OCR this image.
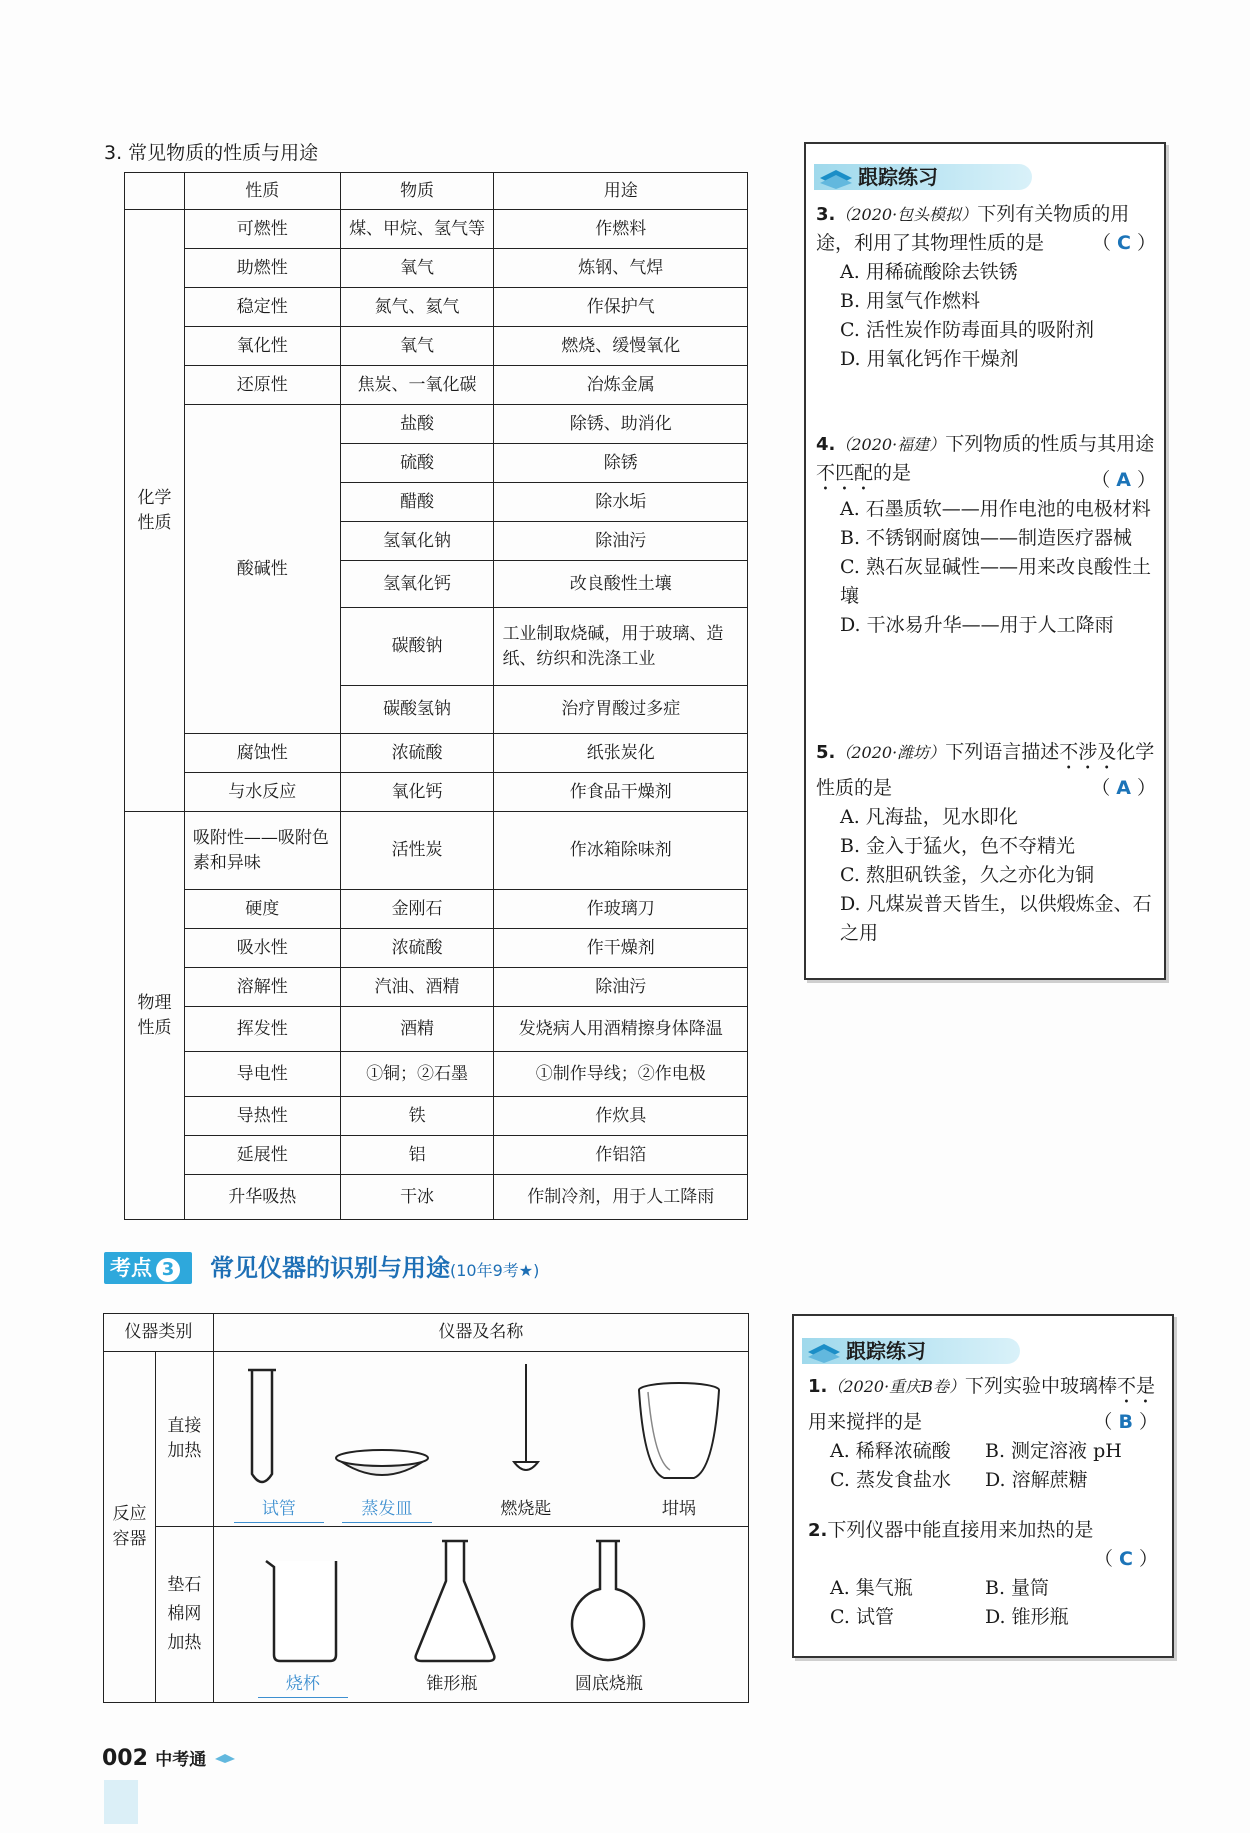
3. 常见物质的性质与用途
	性质	物质	用途
化学性质	可燃性	煤、甲烷、氢气等	作燃料
	助燃性	氧气	炼钢、气焊
	稳定性	氮气、氦气	作保护气
	氧化性	氧气	燃烧、缓慢氧化
	还原性	焦炭、一氧化碳	冶炼金属
	酸碱性	盐酸	除锈、助消化
		硫酸	除锈
		醋酸	除水垢
		氢氧化钠	除油污
		氢氧化钙	改良酸性土壤
		碳酸钠	工业制取烧碱，用于玻璃、造纸、纺织和洗涤工业
		碳酸氢钠	治疗胃酸过多症
	腐蚀性	浓硫酸	纸张炭化
	与水反应	氧化钙	作食品干燥剂
物理性质	吸附性——吸附色素和异味	活性炭	作冰箱除味剂
	硬度	金刚石	作玻璃刀
	吸水性	浓硫酸	作干燥剂
	溶解性	汽油、酒精	除油污
	挥发性	酒精	发烧病人用酒精擦身体降温
	导电性	①铜；②石墨	①制作导线；②作电极
	导热性	铁	作炊具
	延展性	铝	作铝箔
	升华吸热	干冰	作制冷剂，用于人工降雨
跟踪练习
3.（2020·包头模拟）下列有关物质的用途，利用了其物理性质的是	（ C ）
A. 用稀硫酸除去铁锈
B. 用氢气作燃料
C. 活性炭作防毒面具的吸附剂
D. 用氧化钙作干燥剂
4.（2020·福建）下列物质的性质与其用途不匹配的是	（ A ）
A. 石墨质软——用作电池的电极材料
B. 不锈钢耐腐蚀——制造医疗器械
C. 熟石灰显碱性——用来改良酸性土壤
D. 干冰易升华——用于人工降雨
5.（2020·潍坊）下列语言描述不涉及化学性质的是	（ A ）
A. 凡海盐，见水即化
B. 金入于猛火，色不夺精光
C. 熬胆矾铁釜，久之亦化为铜
D. 凡煤炭普天皆生，以供煅炼金、石之用
考点 3	常见仪器的识别与用途(10年9考★)
仪器类别		仪器及名称
反应容器	直接加热	试管 蒸发皿 燃烧匙 坩埚

	垫石棉网加热	烧杯 锥形瓶 圆底烧瓶
跟踪练习
1.（2020·重庆B卷）下列实验中玻璃棒不是用来搅拌的是	（ B ）
A. 稀释浓硫酸	B. 测定溶液 pH
C. 蒸发食盐水	D. 溶解蔗糖
2.下列仪器中能直接用来加热的是
（ C ）
A. 集气瓶	B. 量筒
C. 试管	D. 锥形瓶
002 中考通
